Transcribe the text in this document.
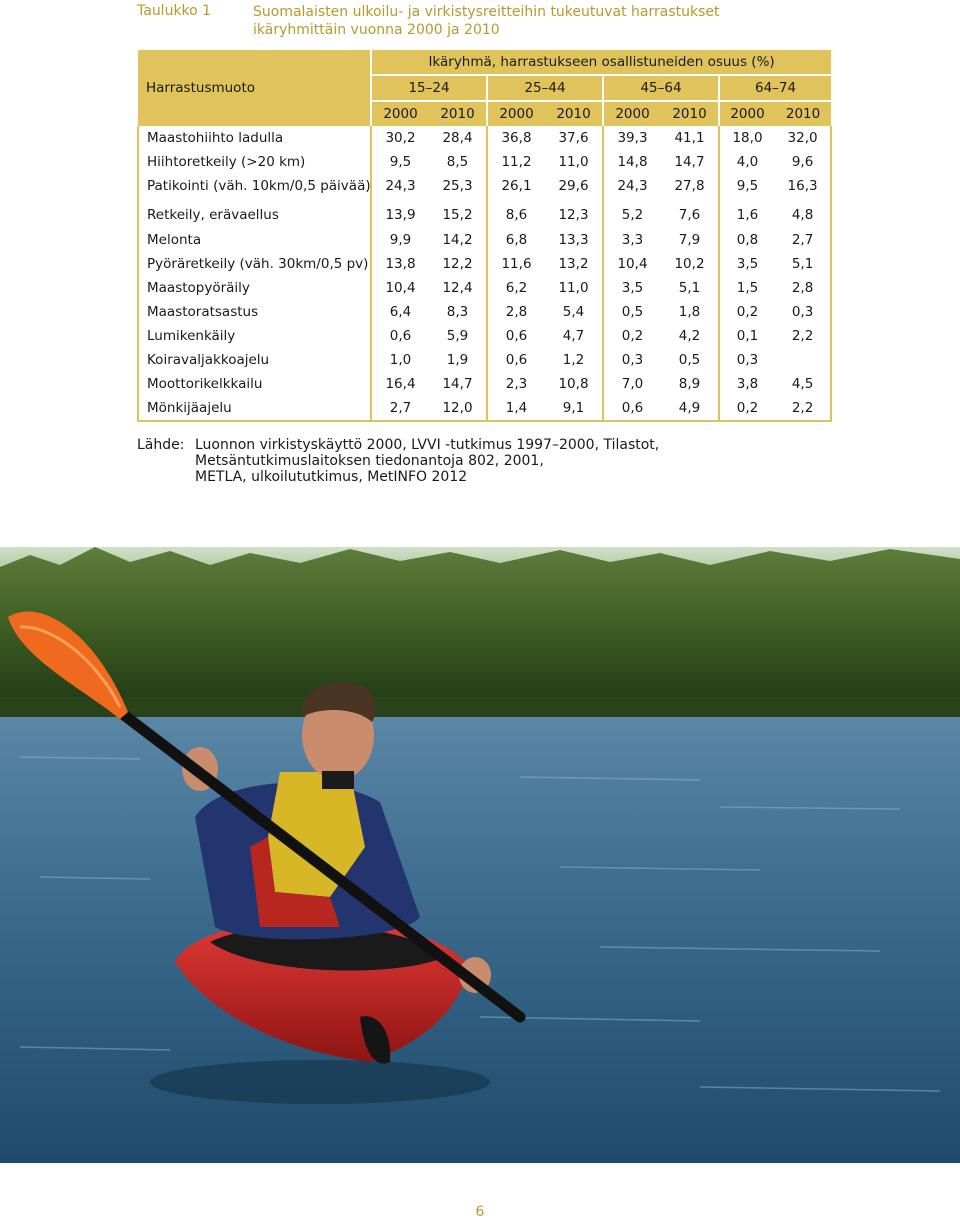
Taulukko 1	Suomalaisten ulkoilu- ja virkistysreitteihin tukeutuvat harrastukset ikäryhmittäin vuonna 2000 ja 2010
Harrastusmuoto	Ikäryhmä, harrastukseen osallistuneiden osuus (%)							
	15–24		25–44		45–64		64–74	
	2000	2010	2000	2010	2000	2010	2000	2010
Maastohiihto ladulla	30,2	28,4	36,8	37,6	39,3	41,1	18,0	32,0
Hiihtoretkeily (>20 km)	9,5	8,5	11,2	11,0	14,8	14,7	4,0	9,6
Patikointi (väh. 10km/0,5 päivää)	24,3	25,3	26,1	29,6	24,3	27,8	9,5	16,3
Retkeily, erävaellus	13,9	15,2	8,6	12,3	5,2	7,6	1,6	4,8
Melonta	9,9	14,2	6,8	13,3	3,3	7,9	0,8	2,7
Pyöräretkeily (väh. 30km/0,5 pv)	13,8	12,2	11,6	13,2	10,4	10,2	3,5	5,1
Maastopyöräily	10,4	12,4	6,2	11,0	3,5	5,1	1,5	2,8
Maastoratsastus	6,4	8,3	2,8	5,4	0,5	1,8	0,2	0,3
Lumikenkäily	0,6	5,9	0,6	4,7	0,2	4,2	0,1	2,2
Koiravaljakkoajelu	1,0	1,9	0,6	1,2	0,3	0,5	0,3	
Moottorikelkkailu	16,4	14,7	2,3	10,8	7,0	8,9	3,8	4,5
Mönkijäajelu	2,7	12,0	1,4	9,1	0,6	4,9	0,2	2,2
Lähde: Luonnon virkistyskäyttö 2000, LVVI -tutkimus 1997–2000, Tilastot,
Metsäntutkimuslaitoksen tiedonantoja 802, 2001,
METLA, ulkoilututkimus, MetINFO 2012
6
